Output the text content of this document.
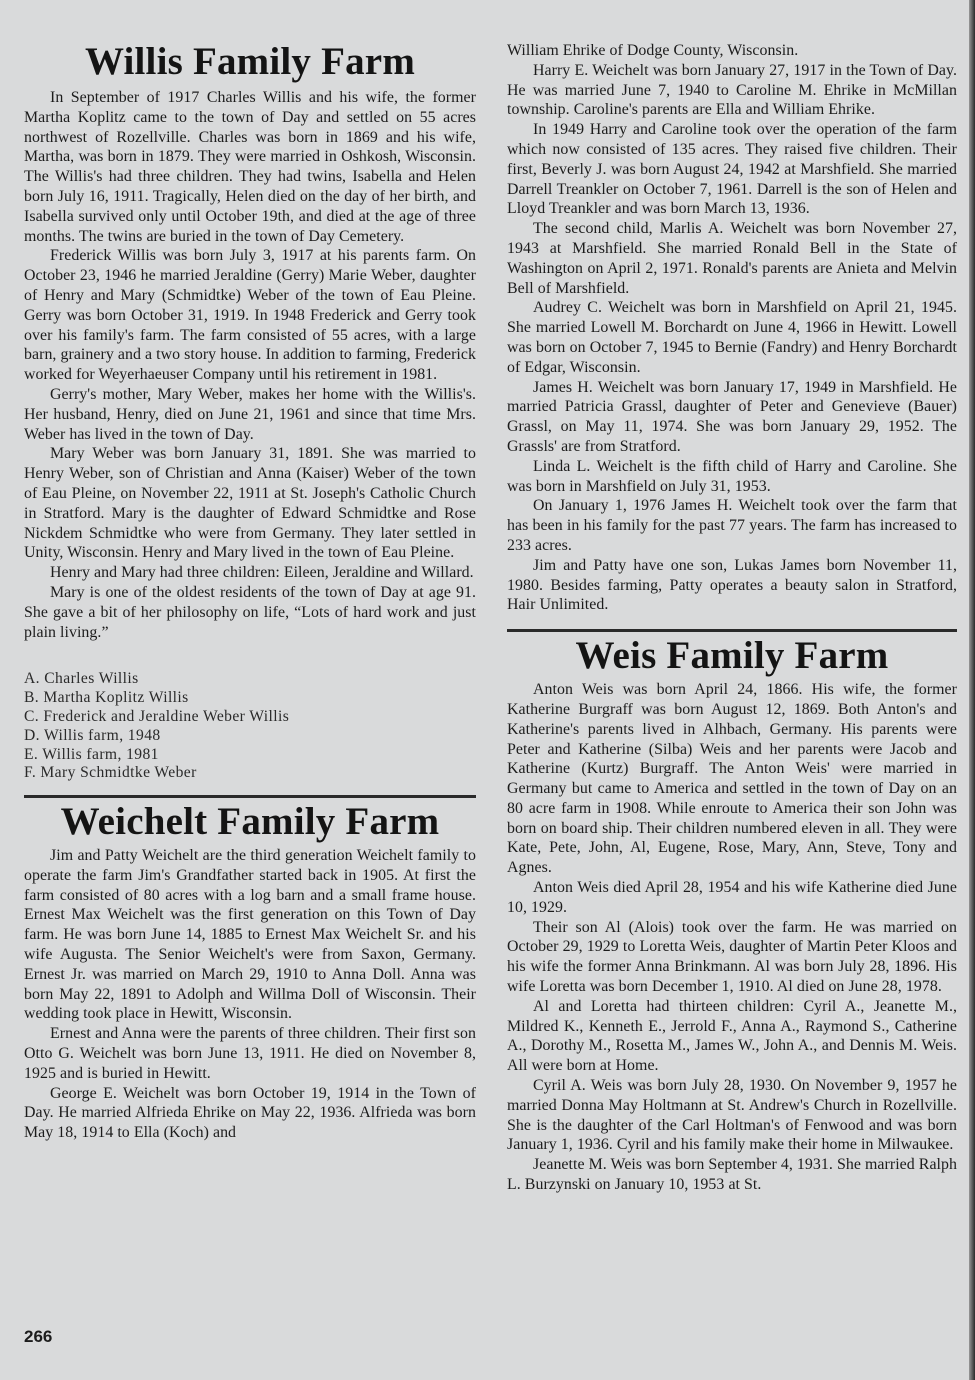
Willis Family Farm

In September of 1917 Charles Willis and his wife, the former Martha Koplitz came to the town of Day and settled on 55 acres northwest of Rozellville. Charles was born in 1869 and his wife, Martha, was born in 1879. They were married in Oshkosh, Wisconsin. The Willis's had three children. They had twins, Isabella and Helen born July 16, 1911. Tragically, Helen died on the day of her birth, and Isabella survived only until October 19th, and died at the age of three months. The twins are buried in the town of Day Cemetery.

Frederick Willis was born July 3, 1917 at his parents farm. On October 23, 1946 he married Jeraldine (Gerry) Marie Weber, daughter of Henry and Mary (Schmidtke) Weber of the town of Eau Pleine. Gerry was born October 31, 1919. In 1948 Frederick and Gerry took over his family's farm. The farm consisted of 55 acres, with a large barn, grainery and a two story house. In addition to farming, Frederick worked for Weyerhaeuser Company until his retirement in 1981.

Gerry's mother, Mary Weber, makes her home with the Willis's. Her husband, Henry, died on June 21, 1961 and since that time Mrs. Weber has lived in the town of Day.

Mary Weber was born January 31, 1891. She was married to Henry Weber, son of Christian and Anna (Kaiser) Weber of the town of Eau Pleine, on November 22, 1911 at St. Joseph's Catholic Church in Stratford. Mary is the daughter of Edward Schmidtke and Rose Nickdem Schmidtke who were from Germany. They later settled in Unity, Wisconsin. Henry and Mary lived in the town of Eau Pleine.

Henry and Mary had three children: Eileen, Jeraldine and Willard.

Mary is one of the oldest residents of the town of Day at age 91. She gave a bit of her philosophy on life, “Lots of hard work and just plain living.”

A. Charles Willis
B. Martha Koplitz Willis
C. Frederick and Jeraldine Weber Willis
D. Willis farm, 1948
E. Willis farm, 1981
F. Mary Schmidtke Weber
Weichelt Family Farm

Jim and Patty Weichelt are the third generation Weichelt family to operate the farm Jim's Grandfather started back in 1905. At first the farm consisted of 80 acres with a log barn and a small frame house. Ernest Max Weichelt was the first generation on this Town of Day farm. He was born June 14, 1885 to Ernest Max Weichelt Sr. and his wife Augusta. The Senior Weichelt's were from Saxon, Germany. Ernest Jr. was married on March 29, 1910 to Anna Doll. Anna was born May 22, 1891 to Adolph and Willma Doll of Wisconsin. Their wedding took place in Hewitt, Wisconsin.

Ernest and Anna were the parents of three children. Their first son Otto G. Weichelt was born June 13, 1911. He died on November 8, 1925 and is buried in Hewitt.

George E. Weichelt was born October 19, 1914 in the Town of Day. He married Alfrieda Ehrike on May 22, 1936. Alfrieda was born May 18, 1914 to Ella (Koch) and

William Ehrike of Dodge County, Wisconsin.

Harry E. Weichelt was born January 27, 1917 in the Town of Day. He was married June 7, 1940 to Caroline M. Ehrike in McMillan township. Caroline's parents are Ella and William Ehrike.

In 1949 Harry and Caroline took over the operation of the farm which now consisted of 135 acres. They raised five children. Their first, Beverly J. was born August 24, 1942 at Marshfield. She married Darrell Treankler on October 7, 1961. Darrell is the son of Helen and Lloyd Treankler and was born March 13, 1936.

The second child, Marlis A. Weichelt was born November 27, 1943 at Marshfield. She married Ronald Bell in the State of Washington on April 2, 1971. Ronald's parents are Anieta and Melvin Bell of Marshfield.

Audrey C. Weichelt was born in Marshfield on April 21, 1945. She married Lowell M. Borchardt on June 4, 1966 in Hewitt. Lowell was born on October 7, 1945 to Bernie (Fandry) and Henry Borchardt of Edgar, Wisconsin.

James H. Weichelt was born January 17, 1949 in Marshfield. He married Patricia Grassl, daughter of Peter and Genevieve (Bauer) Grassl, on May 11, 1974. She was born January 29, 1952. The Grassls' are from Stratford.

Linda L. Weichelt is the fifth child of Harry and Caroline. She was born in Marshfield on July 31, 1953.

On January 1, 1976 James H. Weichelt took over the farm that has been in his family for the past 77 years. The farm has increased to 233 acres.

Jim and Patty have one son, Lukas James born November 11, 1980. Besides farming, Patty operates a beauty salon in Stratford, Hair Unlimited.

Weis Family Farm

Anton Weis was born April 24, 1866. His wife, the former Katherine Burgraff was born August 12, 1869. Both Anton's and Katherine's parents lived in Alhbach, Germany. His parents were Peter and Katherine (Silba) Weis and her parents were Jacob and Katherine (Kurtz) Burgraff. The Anton Weis' were married in Germany but came to America and settled in the town of Day on an 80 acre farm in 1908. While enroute to America their son John was born on board ship. Their children numbered eleven in all. They were Kate, Pete, John, Al, Eugene, Rose, Mary, Ann, Steve, Tony and Agnes.

Anton Weis died April 28, 1954 and his wife Katherine died June 10, 1929.

Their son Al (Alois) took over the farm. He was married on October 29, 1929 to Loretta Weis, daughter of Martin Peter Kloos and his wife the former Anna Brinkmann. Al was born July 28, 1896. His wife Loretta was born December 1, 1910. Al died on June 28, 1978.

Al and Loretta had thirteen children: Cyril A., Jeanette M., Mildred K., Kenneth E., Jerrold F., Anna A., Raymond S., Catherine A., Dorothy M., Rosetta M., James W., John A., and Dennis M. Weis. All were born at Home.

Cyril A. Weis was born July 28, 1930. On November 9, 1957 he married Donna May Holtmann at St. Andrew's Church in Rozellville. She is the daughter of the Carl Holtman's of Fenwood and was born January 1, 1936. Cyril and his family make their home in Milwaukee.

Jeanette M. Weis was born September 4, 1931. She married Ralph L. Burzynski on January 10, 1953 at St.

266
